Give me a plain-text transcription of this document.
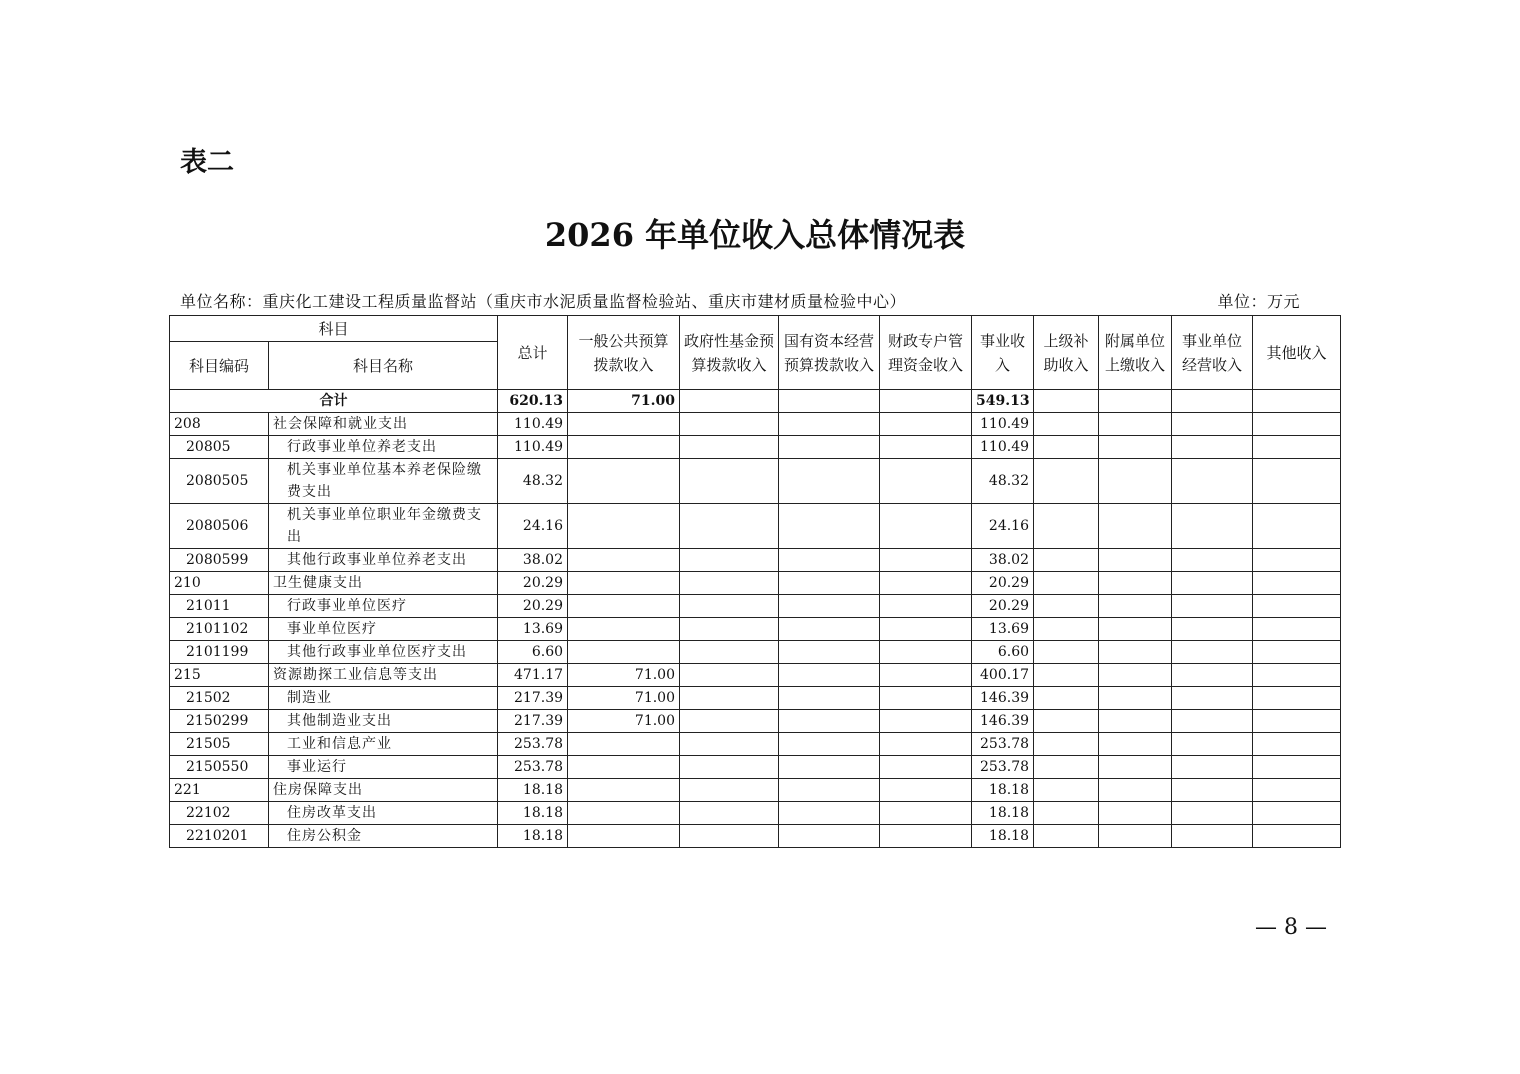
表二
2026 年单位收入总体情况表
单位名称：重庆化工建设工程质量监督站（重庆市水泥质量监督检验站、重庆市建材质量检验中心）	单位：万元
科目		总计	一般公共预算拨款收入	政府性基金预算拨款收入	国有资本经营预算拨款收入	财政专户管理资金收入	事业收入	上级补助收入	附属单位上缴收入	事业单位经营收入	其他收入
科目编码	科目名称										
合计		620.13	71.00				549.13				
208	社会保障和就业支出	110.49					110.49				
20805	行政事业单位养老支出	110.49					110.49				
2080505	机关事业单位基本养老保险缴费支出	48.32					48.32				
2080506	机关事业单位职业年金缴费支出	24.16					24.16				
2080599	其他行政事业单位养老支出	38.02					38.02				
210	卫生健康支出	20.29					20.29				
21011	行政事业单位医疗	20.29					20.29				
2101102	事业单位医疗	13.69					13.69				
2101199	其他行政事业单位医疗支出	6.60					6.60				
215	资源勘探工业信息等支出	471.17	71.00				400.17				
21502	制造业	217.39	71.00				146.39				
2150299	其他制造业支出	217.39	71.00				146.39				
21505	工业和信息产业	253.78					253.78				
2150550	事业运行	253.78					253.78				
221	住房保障支出	18.18					18.18				
22102	住房改革支出	18.18					18.18				
2210201	住房公积金	18.18					18.18				
— 8 —
